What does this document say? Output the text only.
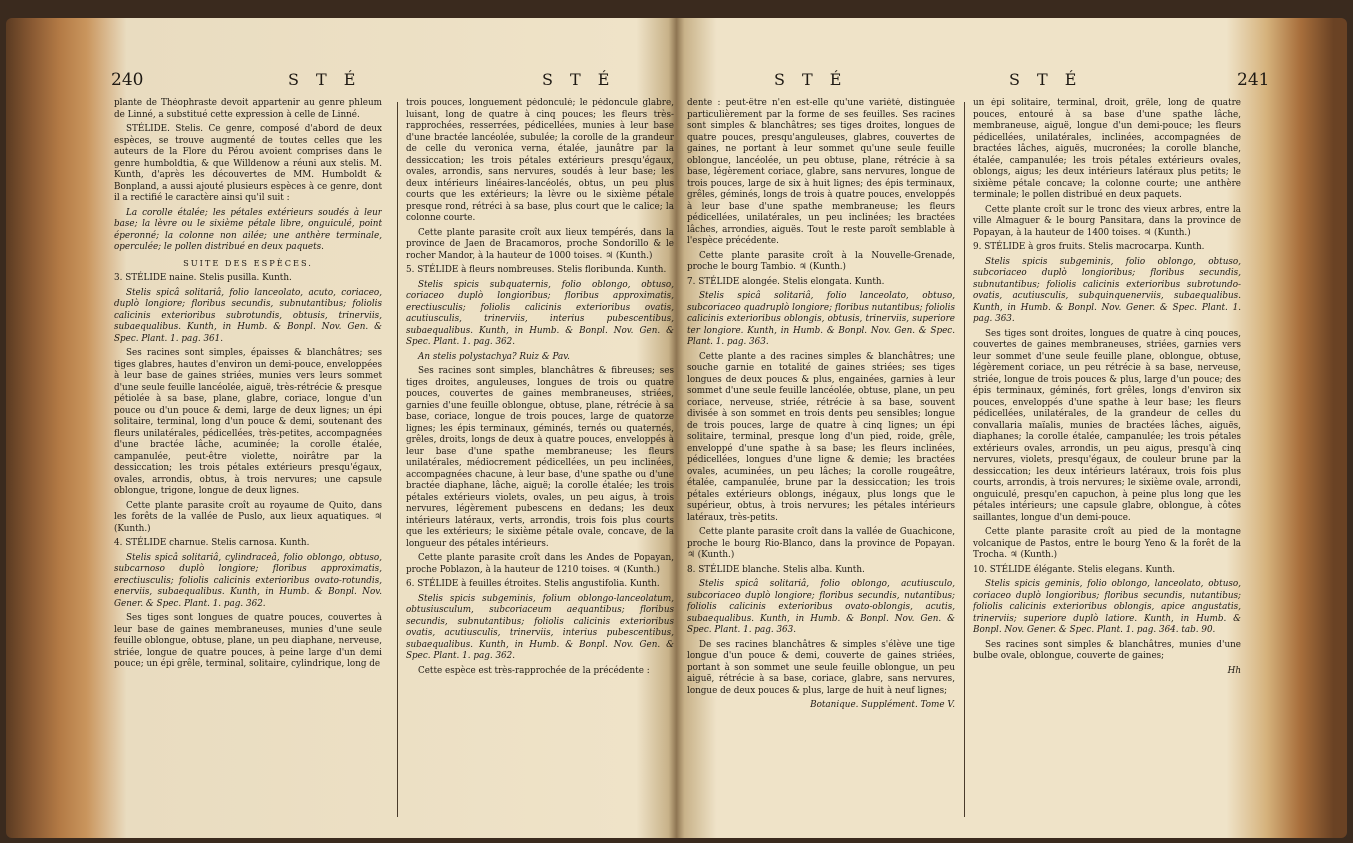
240	S T É	S T É

plante de Théophraste devoit appartenir au genre phleum de Linné, a substitué cette expression à celle de Linné.

STÉLIDE. Stelis. Ce genre, composé d'abord de deux espèces, se trouve augmenté de toutes celles que les auteurs de la Flore du Pérou avoient comprises dans le genre humboldtia, & que Willdenow a réuni aux stelis. M. Kunth, d'après les découvertes de MM. Humboldt & Bonpland, a aussi ajouté plusieurs espèces à ce genre, dont il a rectifié le caractère ainsi qu'il suit :

La corolle étalée; les pétales extérieurs soudés à leur base; la lèvre ou le sixième pétale libre, onguiculé, point éperonné; la colonne non ailée; une anthère terminale, operculée; le pollen distribué en deux paquets.

SUITE DES ESPÈCES.

3. STÉLIDE naine. Stelis pusilla. Kunth.

Stelis spicâ solitariâ, folio lanceolato, acuto, coriaceo, duplò longiore; floribus secundis, subnutantibus; foliolis calicinis exterioribus subrotundis, obtusis, trinerviis, subaequalibus. Kunth, in Humb. & Bonpl. Nov. Gen. & Spec. Plant. 1. pag. 361.

Ses racines sont simples, épaisses & blanchâtres; ses tiges glabres, hautes d'environ un demi-pouce, enveloppées à leur base de gaines striées, munies vers leurs sommet d'une seule feuille lancéolée, aiguë, très-rétrécie & presque pétiolée à sa base, plane, glabre, coriace, longue d'un pouce ou d'un pouce & demi, large de deux lignes; un épi solitaire, terminal, long d'un pouce & demi, soutenant des fleurs unilatérales, pédicellées, très-petites, accompagnées d'une bractée lâche, acuminée; la corolle étalée, campanulée, peut-être violette, noirâtre par la dessiccation; les trois pétales extérieurs presqu'égaux, ovales, arrondis, obtus, à trois nervures; une capsule oblongue, trigone, longue de deux lignes.

Cette plante parasite croît au royaume de Quito, dans les forêts de la vallée de Puslo, aux lieux aquatiques. ♃ (Kunth.)

4. STÉLIDE charnue. Stelis carnosa. Kunth.

Stelis spicâ solitariâ, cylindraceâ, folio oblongo, obtuso, subcarnoso duplò longiore; floribus approximatis, erectiusculis; foliolis calicinis exterioribus ovato-rotundis, enerviis, subaequalibus. Kunth, in Humb. & Bonpl. Nov. Gener. & Spec. Plant. 1. pag. 362.

Ses tiges sont longues de quatre pouces, couvertes à leur base de gaines membraneuses, munies d'une seule feuille oblongue, obtuse, plane, un peu diaphane, nerveuse, striée, longue de quatre pouces, à peine large d'un demi pouce; un épi grêle, terminal, solitaire, cylindrique, long de

trois pouces, longuement pédonculé; le pédoncule glabre, luisant, long de quatre à cinq pouces; les fleurs très-rapprochées, resserrées, pédicellées, munies à leur base d'une bractée lancéolée, subulée; la corolle de la grandeur de celle du veronica verna, étalée, jaunâtre par la dessiccation; les trois pétales extérieurs presqu'égaux, ovales, arrondis, sans nervures, soudés à leur base; les deux intérieurs linéaires-lancéolés, obtus, un peu plus courts que les extérieurs; la lèvre ou le sixième pétale presque rond, rétréci à sa base, plus court que le calice; la colonne courte.

Cette plante parasite croît aux lieux tempérés, dans la province de Jaen de Bracamoros, proche Sondorillo & le rocher Mandor, à la hauteur de 1000 toises. ♃ (Kunth.)

5. STÉLIDE à fleurs nombreuses. Stelis floribunda. Kunth.

Stelis spicis subquaternis, folio oblongo, obtuso, coriaceo duplò longioribus; floribus approximatis, erectiusculis; foliolis calicinis exterioribus ovatis, acutiusculis, trinerviis, interius pubescentibus, subaequalibus. Kunth, in Humb. & Bonpl. Nov. Gen. & Spec. Plant. 1. pag. 362.

An stelis polystachya? Ruiz & Pav.

Ses racines sont simples, blanchâtres & fibreuses; ses tiges droites, anguleuses, longues de trois ou quatre pouces, couvertes de gaines membraneuses, striées, garnies d'une feuille oblongue, obtuse, plane, rétrécie à sa base, coriace, longue de trois pouces, large de quatorze lignes; les épis terminaux, géminés, ternés ou quaternés, grêles, droits, longs de deux à quatre pouces, enveloppés à leur base d'une spathe membraneuse; les fleurs unilatérales, médiocrement pédicellées, un peu inclinées, accompagnées chacune, à leur base, d'une spathe ou d'une bractée diaphane, lâche, aiguë; la corolle étalée; les trois pétales extérieurs violets, ovales, un peu aigus, à trois nervures, légèrement pubescens en dedans; les deux intérieurs latéraux, verts, arrondis, trois fois plus courts que les extérieurs; le sixième pétale ovale, concave, de la longueur des pétales intérieurs.

Cette plante parasite croît dans les Andes de Popayan, proche Poblazon, à la hauteur de 1210 toises. ♃ (Kunth.)

6. STÉLIDE à feuilles étroites. Stelis angustifolia. Kunth.

Stelis spicis subgeminis, folium oblongo-lanceolatum, obtusiusculum, subcoriaceum aequantibus; floribus secundis, subnutantibus; foliolis calicinis exterioribus ovatis, acutiusculis, trinerviis, interius pubescentibus, subaequalibus. Kunth, in Humb. & Bonpl. Nov. Gen. & Spec. Plant. 1. pag. 362.

Cette espèce est très-rapprochée de la précédente :

S T É	S T É	241

dente : peut-être n'en est-elle qu'une variété, distinguée particulièrement par la forme de ses feuilles. Ses racines sont simples & blanchâtres; ses tiges droites, longues de quatre pouces, presqu'anguleuses, glabres, couvertes de gaines, ne portant à leur sommet qu'une seule feuille oblongue, lancéolée, un peu obtuse, plane, rétrécie à sa base, légèrement coriace, glabre, sans nervures, longue de trois pouces, large de six à huit lignes; des épis terminaux, grêles, géminés, longs de trois à quatre pouces, enveloppés à leur base d'une spathe membraneuse; les fleurs pédicellées, unilatérales, un peu inclinées; les bractées lâches, arrondies, aiguës. Tout le reste paroît semblable à l'espèce précédente.

Cette plante parasite croît à la Nouvelle-Grenade, proche le bourg Tambio. ♃ (Kunth.)

7. STÉLIDE alongée. Stelis elongata. Kunth.

Stelis spicâ solitariâ, folio lanceolato, obtuso, subcoriaceo quadruplò longiore; floribus nutantibus; foliolis calicinis exterioribus oblongis, obtusis, trinerviis, superiore ter longiore. Kunth, in Humb. & Bonpl. Nov. Gen. & Spec. Plant. 1. pag. 363.

Cette plante a des racines simples & blanchâtres; une souche garnie en totalité de gaines striées; ses tiges longues de deux pouces & plus, engainées, garnies à leur sommet d'une seule feuille lancéolée, obtuse, plane, un peu coriace, nerveuse, striée, rétrécie à sa base, souvent divisée à son sommet en trois dents peu sensibles; longue de trois pouces, large de quatre à cinq lignes; un épi solitaire, terminal, presque long d'un pied, roide, grêle, enveloppé d'une spathe à sa base; les fleurs inclinées, pédicellées, longues d'une ligne & demie; les bractées ovales, acuminées, un peu lâches; la corolle rougeâtre, étalée, campanulée, brune par la dessiccation; les trois pétales extérieurs oblongs, inégaux, plus longs que le supérieur, obtus, à trois nervures; les pétales intérieurs latéraux, très-petits.

Cette plante parasite croît dans la vallée de Guachicone, proche le bourg Rio-Blanco, dans la province de Popayan. ♃ (Kunth.)

8. STÉLIDE blanche. Stelis alba. Kunth.

Stelis spicâ solitariâ, folio oblongo, acutiusculo, subcoriaceo duplò longiore; floribus secundis, nutantibus; foliolis calicinis exterioribus ovato-oblongis, acutis, subaequalibus. Kunth, in Humb. & Bonpl. Nov. Gen. & Spec. Plant. 1. pag. 363.

De ses racines blanchâtres & simples s'élève une tige longue d'un pouce & demi, couverte de gaines striées, portant à son sommet une seule feuille oblongue, un peu aiguë, rétrécie à sa base, coriace, glabre, sans nervures, longue de deux pouces & plus, large de huit à neuf lignes;

Botanique. Supplément. Tome V.

un épi solitaire, terminal, droit, grêle, long de quatre pouces, entouré à sa base d'une spathe lâche, membraneuse, aiguë, longue d'un demi-pouce; les fleurs pédicellées, unilatérales, inclinées, accompagnées de bractées lâches, aiguës, mucronées; la corolle blanche, étalée, campanulée; les trois pétales extérieurs ovales, oblongs, aigus; les deux intérieurs latéraux plus petits; le sixième pétale concave; la colonne courte; une anthère terminale; le pollen distribué en deux paquets.

Cette plante croît sur le tronc des vieux arbres, entre la ville Almaguer & le bourg Pansitara, dans la province de Popayan, à la hauteur de 1400 toises. ♃ (Kunth.)

9. STÉLIDE à gros fruits. Stelis macrocarpa. Kunth.

Stelis spicis subgeminis, folio oblongo, obtuso, subcoriaceo duplò longioribus; floribus secundis, subnutantibus; foliolis calicinis exterioribus subrotundo-ovatis, acutiusculis, subquinquenerviis, subaequalibus. Kunth, in Humb. & Bonpl. Nov. Gener. & Spec. Plant. 1. pag. 363.

Ses tiges sont droites, longues de quatre à cinq pouces, couvertes de gaines membraneuses, striées, garnies vers leur sommet d'une seule feuille plane, oblongue, obtuse, légèrement coriace, un peu rétrécie à sa base, nerveuse, striée, longue de trois pouces & plus, large d'un pouce; des épis terminaux, géminés, fort grêles, longs d'environ six pouces, enveloppés d'une spathe à leur base; les fleurs pédicellées, unilatérales, de la grandeur de celles du convallaria maïalis, munies de bractées lâches, aiguës, diaphanes; la corolle étalée, campanulée; les trois pétales extérieurs ovales, arrondis, un peu aigus, presqu'à cinq nervures, violets, presqu'égaux, de couleur brune par la dessiccation; les deux intérieurs latéraux, trois fois plus courts, arrondis, à trois nervures; le sixième ovale, arrondi, onguiculé, presqu'en capuchon, à peine plus long que les pétales intérieurs; une capsule glabre, oblongue, à côtes saillantes, longue d'un demi-pouce.

Cette plante parasite croît au pied de la montagne volcanique de Pastos, entre le bourg Yeno & la forêt de la Trocha. ♃ (Kunth.)

10. STÉLIDE élégante. Stelis elegans. Kunth.

Stelis spicis geminis, folio oblongo, lanceolato, obtuso, coriaceo duplò longioribus; floribus secundis, nutantibus; foliolis calicinis exterioribus oblongis, apice angustatis, trinerviis; superiore duplò latiore. Kunth, in Humb. & Bonpl. Nov. Gener. & Spec. Plant. 1. pag. 364. tab. 90.

Ses racines sont simples & blanchâtres, munies d'une bulbe ovale, oblongue, couverte de gaines;

Hh
